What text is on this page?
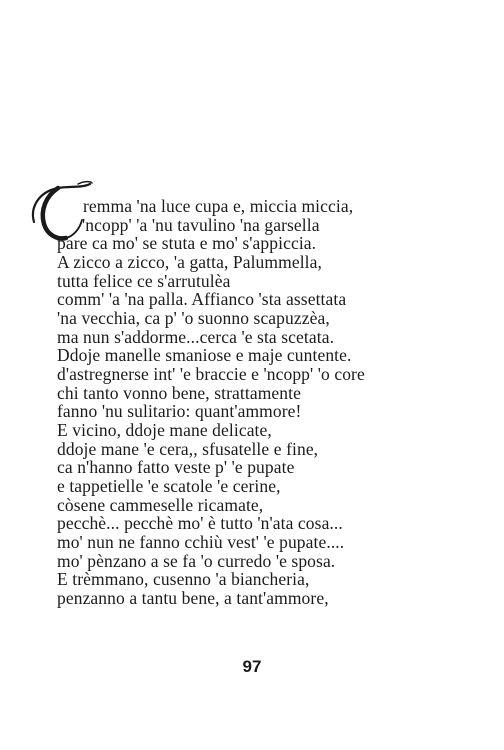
remma 'na luce cupa e, miccia miccia,
'ncopp' 'a 'nu tavulino 'na garsella
pare ca mo' se stuta e mo' s'appiccia.
A zicco a zicco, 'a gatta, Palummella,
tutta felice ce s'arrutulèa
comm' 'a 'na palla. Affianco 'sta assettata
'na vecchia, ca p' 'o suonno scapuzzèa,
ma nun s'addorme...cerca 'e sta scetata.
Ddoje manelle smaniose e maje cuntente.
d'astregnerse int' 'e braccie e 'ncopp' 'o core
chi tanto vonno bene, strattamente
fanno 'nu sulitario: quant'ammore!
E vicino, ddoje mane delicate,
ddoje mane 'e cera,, sfusatelle e fine,
ca n'hanno fatto veste p' 'e pupate
e tappetielle 'e scatole 'e cerine,
còsene cammeselle ricamate,
pecchè... pecchè mo' è tutto 'n'ata cosa...
mo' nun ne fanno cchiù vest' 'e pupate....
mo' pènzano a se fa 'o curredo 'e sposa.
E trèmmano, cusenno 'a biancheria,
penzanno a tantu bene, a tant'ammore,
97
